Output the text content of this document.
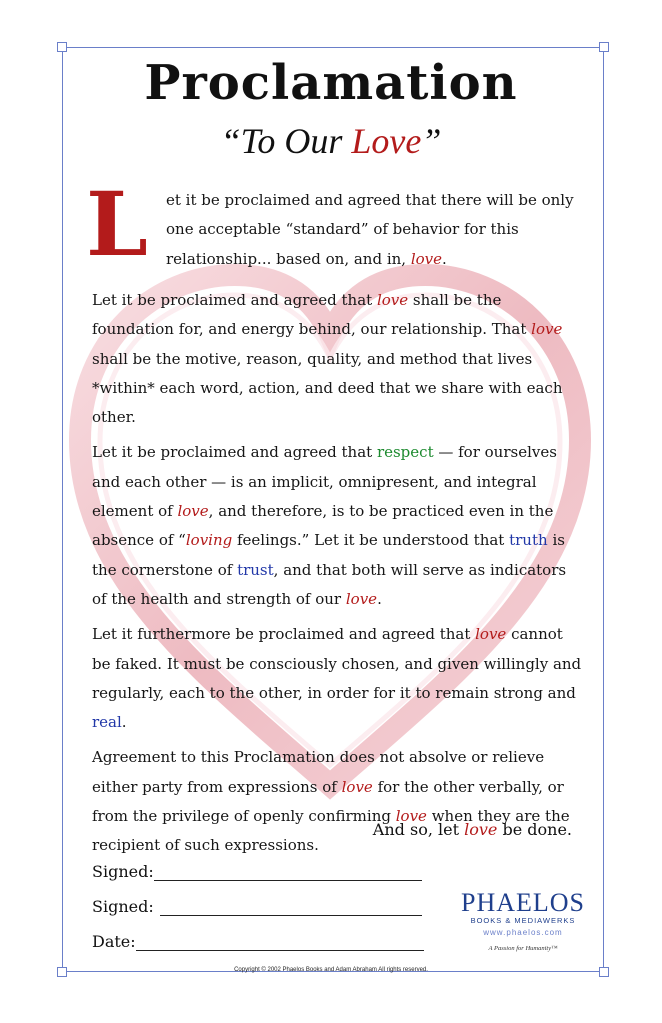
Proclamation
“To Our Love”
L et it be proclaimed and agreed that there will be only one acceptable “standard” of behavior for this relationship... based on, and in, love.

Let it be proclaimed and agreed that love shall be the foundation for, and energy behind, our relationship. That love shall be the motive, reason, quality, and method that lives *within* each word, action, and deed that we share with each other.

Let it be proclaimed and agreed that respect — for ourselves and each other — is an implicit, omnipresent, and integral element of love, and therefore, is to be practiced even in the absence of “loving feelings.” Let it be understood that truth is the cornerstone of trust, and that both will serve as indicators of the health and strength of our love.

Let it furthermore be proclaimed and agreed that love cannot be faked. It must be consciously chosen, and given willingly and regularly, each to the other, in order for it to remain strong and real.

Agreement to this Proclamation does not absolve or relieve either party from expressions of love for the other verbally, or from the privilege of openly confirming love when they are the recipient of such expressions.

And so, let love be done.
Signed:
Signed:
Date:
PHAELOS
BOOKS & MEDIAWERKS
www.phaelos.com
A Passion for Humanity™
Copyright © 2002 Phaelos Books and Adam Abraham All rights reserved.
